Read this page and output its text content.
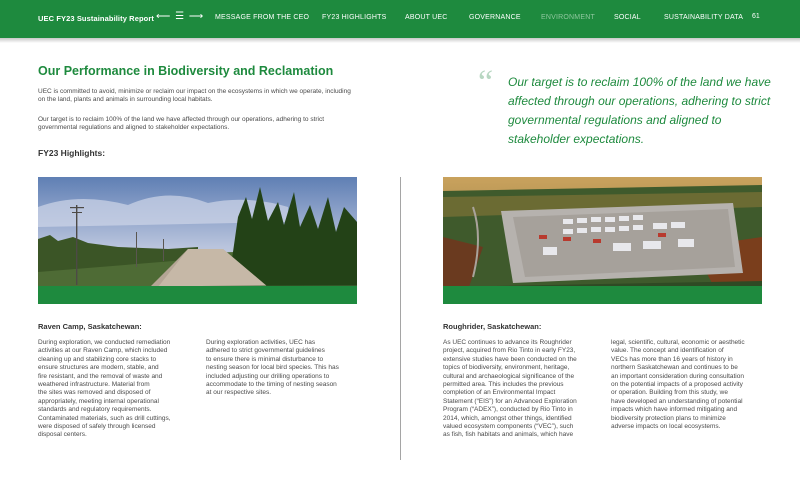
UEC FY23 Sustainability Report ⟵ ☰ ⟶ MESSAGE FROM THE CEO FY23 HIGHLIGHTS	ABOUT UEC	GOVERNANCE	ENVIRONMENT	SOCIAL	SUSTAINABILITY DATA 61
Our Performance in Biodiversity and Reclamation
UEC is committed to avoid, minimize or reclaim our impact on the ecosystems in which we operate, including on the land, plants and animals in surrounding local habitats.
Our target is to reclaim 100% of the land we have affected through our operations, adhering to strict governmental regulations and aligned to stakeholder expectations.
FY23 Highlights:
“ Our target is to reclaim 100% of the land we have affected through our operations, adhering to strict governmental regulations and aligned to stakeholder expectations.
Raven Camp, Saskatchewan:
During exploration, we conducted remediation
activities at our Raven Camp, which included
cleaning up and stabilizing core stacks to
ensure structures are modern, stable, and
fire resistant, and the removal of waste and
weathered infrastructure. Material from
the sites was removed and disposed of
appropriately, meeting internal operational
standards and regulatory requirements.
Contaminated materials, such as drill cuttings,
were disposed of safely through licensed
disposal centers.
During exploration activities, UEC has
adhered to strict governmental guidelines
to ensure there is minimal disturbance to
nesting season for local bird species. This has
included adjusting our drilling operations to
accommodate to the timing of nesting season
at our respective sites.
Roughrider, Saskatchewan:
As UEC continues to advance its Roughrider
project, acquired from Rio Tinto in early FY23,
extensive studies have been conducted on the
topics of biodiversity, environment, heritage,
cultural and archaeological significance of the
permitted area. This includes the previous
completion of an Environmental Impact
Statement (“EIS”) for an Advanced Exploration
Program (“ADEX”), conducted by Rio Tinto in
2014, which, amongst other things, identified
valued ecosystem components (“VEC”), such
as fish, fish habitats and animals, which have
legal, scientific, cultural, economic or aesthetic
value. The concept and identification of
VECs has more than 16 years of history in
northern Saskatchewan and continues to be
an important consideration during consultation
on the potential impacts of a proposed activity
or operation. Building from this study, we
have developed an understanding of potential
impacts which have informed mitigating and
biodiversity protection plans to minimize
adverse impacts on local ecosystems.
